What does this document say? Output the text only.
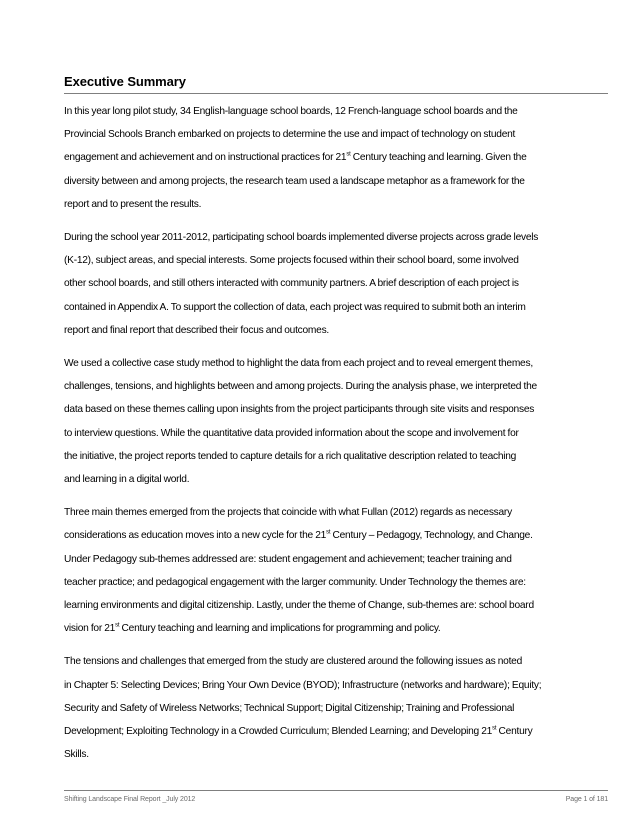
Executive Summary
In this year long pilot study, 34 English-language school boards, 12 French-language school boards and the
Provincial Schools Branch embarked on projects to determine the use and impact of technology on student
engagement and achievement and on instructional practices for 21st Century teaching and learning. Given the
diversity between and among projects, the research team used a landscape metaphor as a framework for the
report and to present the results.
During the school year 2011-2012, participating school boards implemented diverse projects across grade levels
(K-12), subject areas, and special interests. Some projects focused within their school board, some involved
other school boards, and still others interacted with community partners. A brief description of each project is
contained in Appendix A. To support the collection of data, each project was required to submit both an interim
report and final report that described their focus and outcomes.
We used a collective case study method to highlight the data from each project and to reveal emergent themes,
challenges, tensions, and highlights between and among projects. During the analysis phase, we interpreted the
data based on these themes calling upon insights from the project participants through site visits and responses
to interview questions. While the quantitative data provided information about the scope and involvement for
the initiative, the project reports tended to capture details for a rich qualitative description related to teaching
and learning in a digital world.
Three main themes emerged from the projects that coincide with what Fullan (2012) regards as necessary
considerations as education moves into a new cycle for the 21st Century – Pedagogy, Technology, and Change.
Under Pedagogy sub-themes addressed are: student engagement and achievement; teacher training and
teacher practice; and pedagogical engagement with the larger community. Under Technology the themes are:
learning environments and digital citizenship. Lastly, under the theme of Change, sub-themes are: school board
vision for 21st Century teaching and learning and implications for programming and policy.
The tensions and challenges that emerged from the study are clustered around the following issues as noted
in Chapter 5: Selecting Devices; Bring Your Own Device (BYOD); Infrastructure (networks and hardware); Equity;
Security and Safety of Wireless Networks; Technical Support; Digital Citizenship; Training and Professional
Development; Exploiting Technology in a Crowded Curriculum; Blended Learning; and Developing 21st Century
Skills.
Shifting Landscape Final Report _July 2012	Page 1 of 181
